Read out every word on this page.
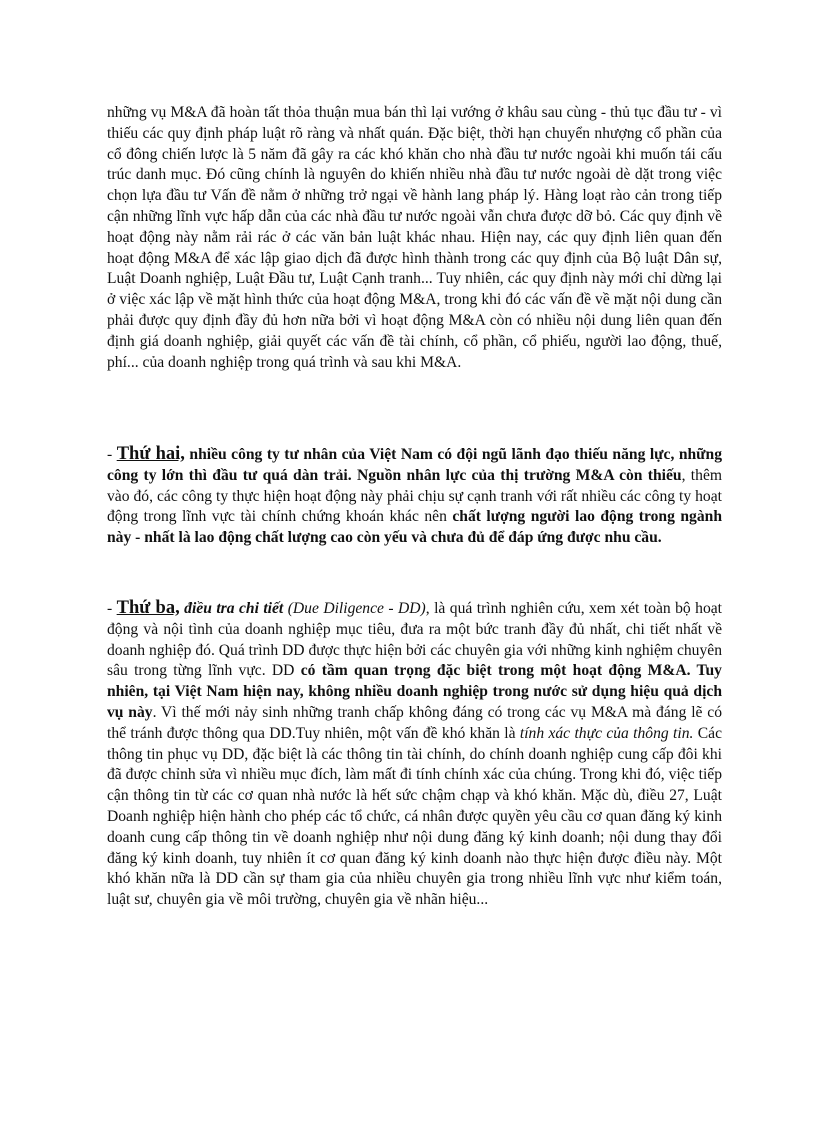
những vụ M&A đã hoàn tất thỏa thuận mua bán thì lại vướng ở khâu sau cùng - thủ tục đầu tư - vì thiếu các quy định pháp luật rõ ràng và nhất quán. Đặc biệt, thời hạn chuyển nhượng cổ phần của cổ đông chiến lược là 5 năm đã gây ra các khó khăn cho nhà đầu tư nước ngoài khi muốn tái cấu trúc danh mục. Đó cũng chính là nguyên do khiến nhiều nhà đầu tư nước ngoài dè dặt trong việc chọn lựa đầu tư Vấn đề nằm ở những trở ngại về hành lang pháp lý. Hàng loạt rào cản trong tiếp cận những lĩnh vực hấp dẫn của các nhà đầu tư nước ngoài vẫn chưa được dỡ bỏ. Các quy định về hoạt động này nằm rải rác ở các văn bản luật khác nhau. Hiện nay, các quy định liên quan đến hoạt động M&A để xác lập giao dịch đã được hình thành trong các quy định của Bộ luật Dân sự, Luật Doanh nghiệp, Luật Đầu tư, Luật Cạnh tranh... Tuy nhiên, các quy định này mới chỉ dừng lại ở việc xác lập về mặt hình thức của hoạt động M&A, trong khi đó các vấn đề về mặt nội dung cần phải được quy định đầy đủ hơn nữa bởi vì hoạt động M&A còn có nhiều nội dung liên quan đến định giá doanh nghiệp, giải quyết các vấn đề tài chính, cổ phần, cổ phiếu, người lao động, thuế, phí... của doanh nghiệp trong quá trình và sau khi M&A.

- Thứ hai, nhiều công ty tư nhân của Việt Nam có đội ngũ lãnh đạo thiếu năng lực, những công ty lớn thì đầu tư quá dàn trải. Nguồn nhân lực của thị trường M&A còn thiếu, thêm vào đó, các công ty thực hiện hoạt động này phải chịu sự cạnh tranh với rất nhiều các công ty hoạt động trong lĩnh vực tài chính chứng khoán khác nên chất lượng người lao động trong ngành này - nhất là lao động chất lượng cao còn yếu và chưa đủ để đáp ứng được nhu cầu.

- Thứ ba, điều tra chi tiết (Due Diligence - DD), là quá trình nghiên cứu, xem xét toàn bộ hoạt động và nội tình của doanh nghiệp mục tiêu, đưa ra một bức tranh đầy đủ nhất, chi tiết nhất về doanh nghiệp đó. Quá trình DD được thực hiện bởi các chuyên gia với những kinh nghiệm chuyên sâu trong từng lĩnh vực. DD có tầm quan trọng đặc biệt trong một hoạt động M&A. Tuy nhiên, tại Việt Nam hiện nay, không nhiều doanh nghiệp trong nước sử dụng hiệu quả dịch vụ này. Vì thế mới nảy sinh những tranh chấp không đáng có trong các vụ M&A mà đáng lẽ có thể tránh được thông qua DD.Tuy nhiên, một vấn đề khó khăn là tính xác thực của thông tin. Các thông tin phục vụ DD, đặc biệt là các thông tin tài chính, do chính doanh nghiệp cung cấp đôi khi đã được chỉnh sửa vì nhiều mục đích, làm mất đi tính chính xác của chúng. Trong khi đó, việc tiếp cận thông tin từ các cơ quan nhà nước là hết sức chậm chạp và khó khăn. Mặc dù, điều 27, Luật Doanh nghiệp hiện hành cho phép các tổ chức, cá nhân được quyền yêu cầu cơ quan đăng ký kinh doanh cung cấp thông tin về doanh nghiệp như nội dung đăng ký kinh doanh; nội dung thay đổi đăng ký kinh doanh, tuy nhiên ít cơ quan đăng ký kinh doanh nào thực hiện được điều này. Một khó khăn nữa là DD cần sự tham gia của nhiều chuyên gia trong nhiều lĩnh vực như kiểm toán, luật sư, chuyên gia về môi trường, chuyên gia về nhãn hiệu...
